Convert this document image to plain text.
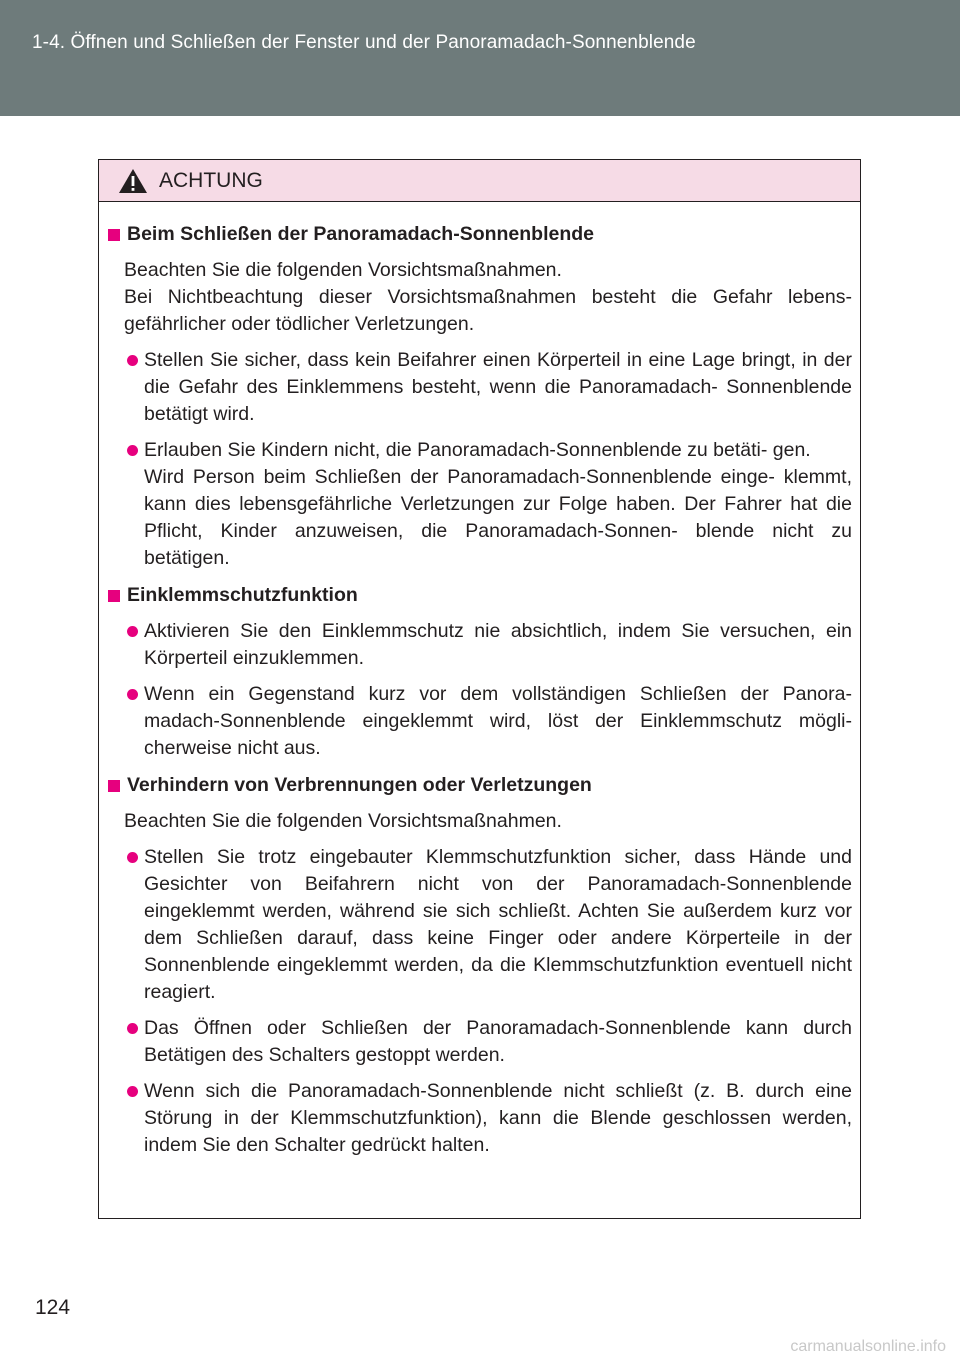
1-4. Öffnen und Schließen der Fenster und der Panoramadach-Sonnenblende
ACHTUNG
Beim Schließen der Panoramadach-Sonnenblende
Beachten Sie die folgenden Vorsichtsmaßnahmen.
Bei Nichtbeachtung dieser Vorsichtsmaßnahmen besteht die Gefahr lebens- gefährlicher oder tödlicher Verletzungen.
Stellen Sie sicher, dass kein Beifahrer einen Körperteil in eine Lage bringt, in der die Gefahr des Einklemmens besteht, wenn die Panoramadach- Sonnenblende betätigt wird.
Erlauben Sie Kindern nicht, die Panoramadach-Sonnenblende zu betäti- gen.
Wird Person beim Schließen der Panoramadach-Sonnenblende einge- klemmt, kann dies lebensgefährliche Verletzungen zur Folge haben. Der Fahrer hat die Pflicht, Kinder anzuweisen, die Panoramadach-Sonnen- blende nicht zu betätigen.
Einklemmschutzfunktion
Aktivieren Sie den Einklemmschutz nie absichtlich, indem Sie versuchen, ein Körperteil einzuklemmen.
Wenn ein Gegenstand kurz vor dem vollständigen Schließen der Panora- madach-Sonnenblende eingeklemmt wird, löst der Einklemmschutz mögli- cherweise nicht aus.
Verhindern von Verbrennungen oder Verletzungen
Beachten Sie die folgenden Vorsichtsmaßnahmen.
Stellen Sie trotz eingebauter Klemmschutzfunktion sicher, dass Hände und Gesichter von Beifahrern nicht von der Panoramadach-Sonnenblende eingeklemmt werden, während sie sich schließt. Achten Sie außerdem kurz vor dem Schließen darauf, dass keine Finger oder andere Körperteile in der Sonnenblende eingeklemmt werden, da die Klemmschutzfunktion eventuell nicht reagiert.
Das Öffnen oder Schließen der Panoramadach-Sonnenblende kann durch Betätigen des Schalters gestoppt werden.
Wenn sich die Panoramadach-Sonnenblende nicht schließt (z. B. durch eine Störung in der Klemmschutzfunktion), kann die Blende geschlossen werden, indem Sie den Schalter gedrückt halten.
124
carmanualsonline.info
